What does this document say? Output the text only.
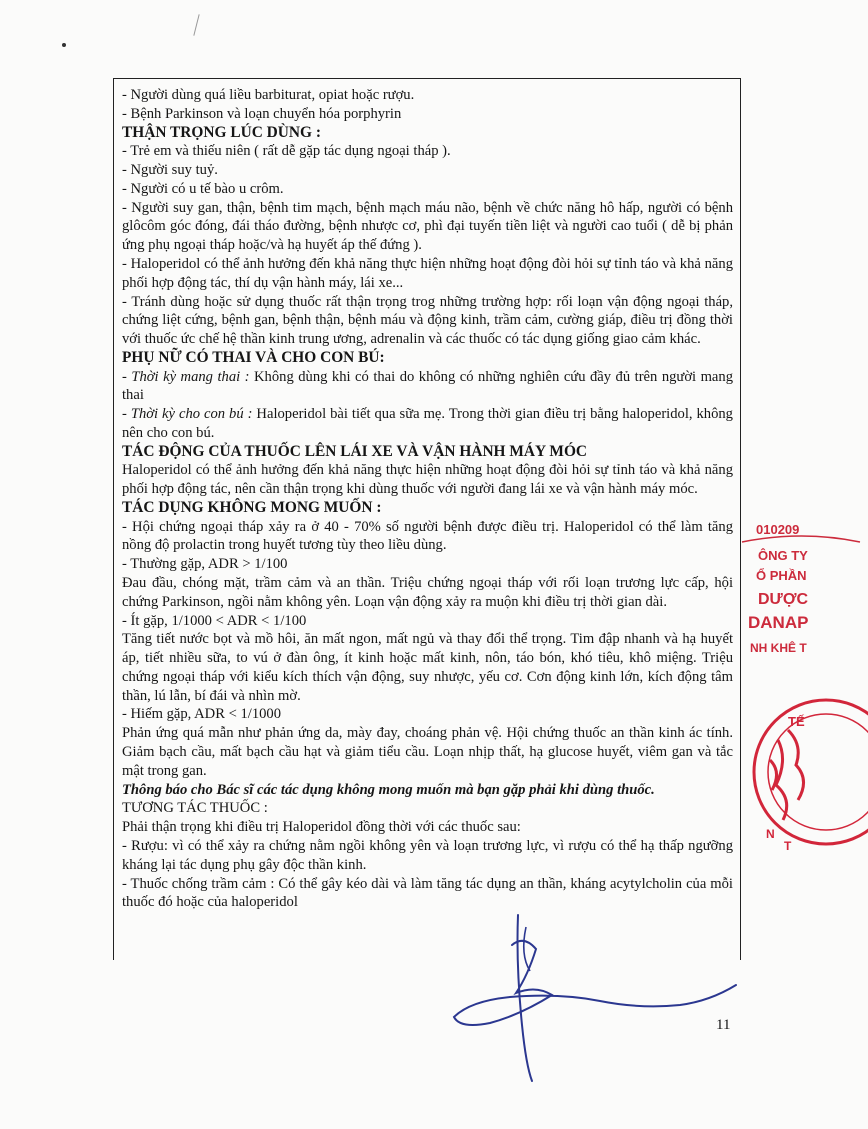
- Người dùng quá liều barbiturat, opiat hoặc rượu.

- Bệnh Parkinson và loạn chuyển hóa porphyrin

THẬN TRỌNG LÚC DÙNG :

- Trẻ em và thiếu niên ( rất dễ gặp tác dụng ngoại tháp ).

- Người suy tuỷ.

- Người có u tế bào u crôm.

- Người suy gan, thận, bệnh tim mạch, bệnh mạch máu não, bệnh về chức năng hô hấp, người có bệnh glôcôm góc đóng, đái tháo đường, bệnh nhược cơ, phì đại tuyến tiền liệt và người cao tuổi ( dễ bị phản ứng phụ ngoại tháp hoặc/và hạ huyết áp thế đứng ).

- Haloperidol có thể ảnh hưởng đến khả năng thực hiện những hoạt động đòi hỏi sự tỉnh táo và khả năng phối hợp động tác, thí dụ vận hành máy, lái xe...

- Tránh dùng hoặc sử dụng thuốc rất thận trọng trog những trường hợp: rối loạn vận động ngoại tháp, chứng liệt cứng, bệnh gan, bệnh thận, bệnh máu và động kinh, trầm cảm, cường giáp, điều trị đồng thời với thuốc ức chế hệ thần kinh trung ương, adrenalin và các thuốc có tác dụng giống giao cảm khác.

PHỤ NỮ CÓ THAI VÀ CHO CON BÚ:

- Thời kỳ mang thai : Không dùng khi có thai do không có những nghiên cứu đầy đủ trên người mang thai

- Thời kỳ cho con bú : Haloperidol bài tiết qua sữa mẹ. Trong thời gian điều trị bằng haloperidol, không nên cho con bú.

TÁC ĐỘNG CỦA THUỐC LÊN LÁI XE VÀ VẬN HÀNH MÁY MÓC

Haloperidol có thể ảnh hưởng đến khả năng thực hiện những hoạt động đòi hỏi sự tỉnh táo và khả năng phối hợp động tác, nên cần thận trọng khi dùng thuốc với người đang lái xe và vận hành máy móc.

TÁC DỤNG KHÔNG MONG MUỐN :

- Hội chứng ngoại tháp xảy ra ở 40 - 70% số người bệnh được điều trị. Haloperidol có thể làm tăng nồng độ prolactin trong huyết tương tùy theo liều dùng.

- Thường gặp, ADR > 1/100

Đau đầu, chóng mặt, trầm cảm và an thần. Triệu chứng ngoại tháp với rối loạn trương lực cấp, hội chứng Parkinson, ngồi nằm không yên. Loạn vận động xảy ra muộn khi điều trị thời gian dài.

- Ít gặp, 1/1000 < ADR < 1/100

Tăng tiết nước bọt và mồ hôi, ăn mất ngon, mất ngủ và thay đổi thể trọng. Tim đập nhanh và hạ huyết áp, tiết nhiều sữa, to vú ở đàn ông, ít kinh hoặc mất kinh, nôn, táo bón, khó tiêu, khô miệng. Triệu chứng ngoại tháp với kiểu kích thích vận động, suy nhược, yếu cơ. Cơn động kinh lớn, kích động tâm thần, lú lẫn, bí đái và nhìn mờ.

- Hiếm gặp, ADR < 1/1000

Phản ứng quá mẫn như phản ứng da, mày đay, choáng phản vệ. Hội chứng thuốc an thần kinh ác tính. Giảm bạch cầu, mất bạch cầu hạt và giảm tiểu cầu. Loạn nhịp thất, hạ glucose huyết, viêm gan và tắc mật trong gan.

Thông báo cho Bác sĩ các tác dụng không mong muốn mà bạn gặp phải khi dùng thuốc.

TƯƠNG TÁC THUỐC :

Phải thận trọng khi điều trị Haloperidol đồng thời với các thuốc sau:

- Rượu: vì có thể xảy ra chứng nằm ngồi không yên và loạn trương lực, vì rượu có thể hạ thấp ngưỡng kháng lại tác dụng phụ gây độc thần kinh.

- Thuốc chống trầm cảm : Có thể gây kéo dài và làm tăng tác dụng an thần, kháng acytylcholin của mỗi thuốc đó hoặc của haloperidol

11
010209
ÔNG TY
Ổ PHẦN
DƯỢC
DANAP
NH KHÊ T
TẾ
N
T
